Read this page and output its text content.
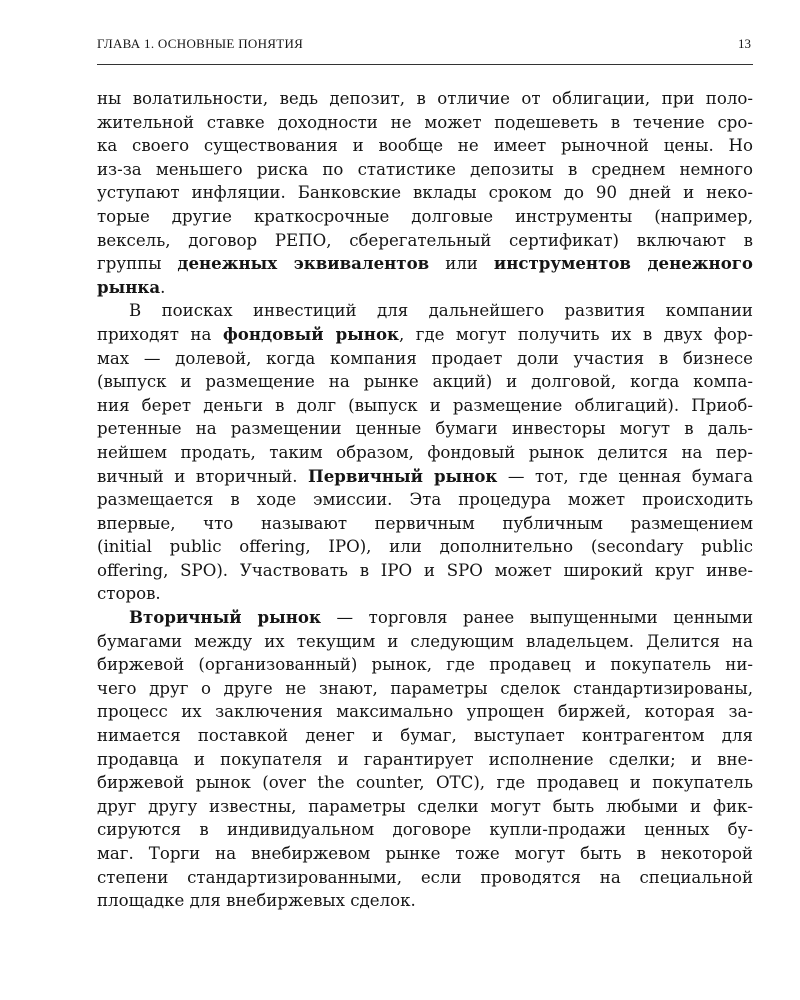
ГЛАВА 1. ОСНОВНЫЕ ПОНЯТИЯ	13
ны волатильности, ведь депозит, в отличие от облигации, при поло-
жительной ставке доходности не может подешеветь в течение сро-
ка своего существования и вообще не имеет рыночной цены. Но
из-за меньшего риска по статистике депозиты в среднем немного
уступают инфляции. Банковские вклады сроком до 90 дней и неко-
торые другие краткосрочные долговые инструменты (например,
вексель, договор РЕПО, сберегательный сертификат) включают в
группы денежных эквивалентов или инструментов денежного
рынка.
В поисках инвестиций для дальнейшего развития компании
приходят на фондовый рынок, где могут получить их в двух фор-
мах — долевой, когда компания продает доли участия в бизнесе
(выпуск и размещение на рынке акций) и долговой, когда компа-
ния берет деньги в долг (выпуск и размещение облигаций). Приоб-
ретенные на размещении ценные бумаги инвесторы могут в даль-
нейшем продать, таким образом, фондовый рынок делится на пер-
вичный и вторичный. Первичный рынок — тот, где ценная бумага
размещается в ходе эмиссии. Эта процедура может происходить
впервые, что называют первичным публичным размещением
(initial public offering, IPO), или дополнительно (secondary public
offering, SPO). Участвовать в IPO и SPO может широкий круг инве-
сторов.
Вторичный рынок — торговля ранее выпущенными ценными
бумагами между их текущим и следующим владельцем. Делится на
биржевой (организованный) рынок, где продавец и покупатель ни-
чего друг о друге не знают, параметры сделок стандартизированы,
процесс их заключения максимально упрощен биржей, которая за-
нимается поставкой денег и бумаг, выступает контрагентом для
продавца и покупателя и гарантирует исполнение сделки; и вне-
биржевой рынок (over the counter, OTC), где продавец и покупатель
друг другу известны, параметры сделки могут быть любыми и фик-
сируются в индивидуальном договоре купли-продажи ценных бу-
маг. Торги на внебиржевом рынке тоже могут быть в некоторой
степени стандартизированными, если проводятся на специальной
площадке для внебиржевых сделок.
